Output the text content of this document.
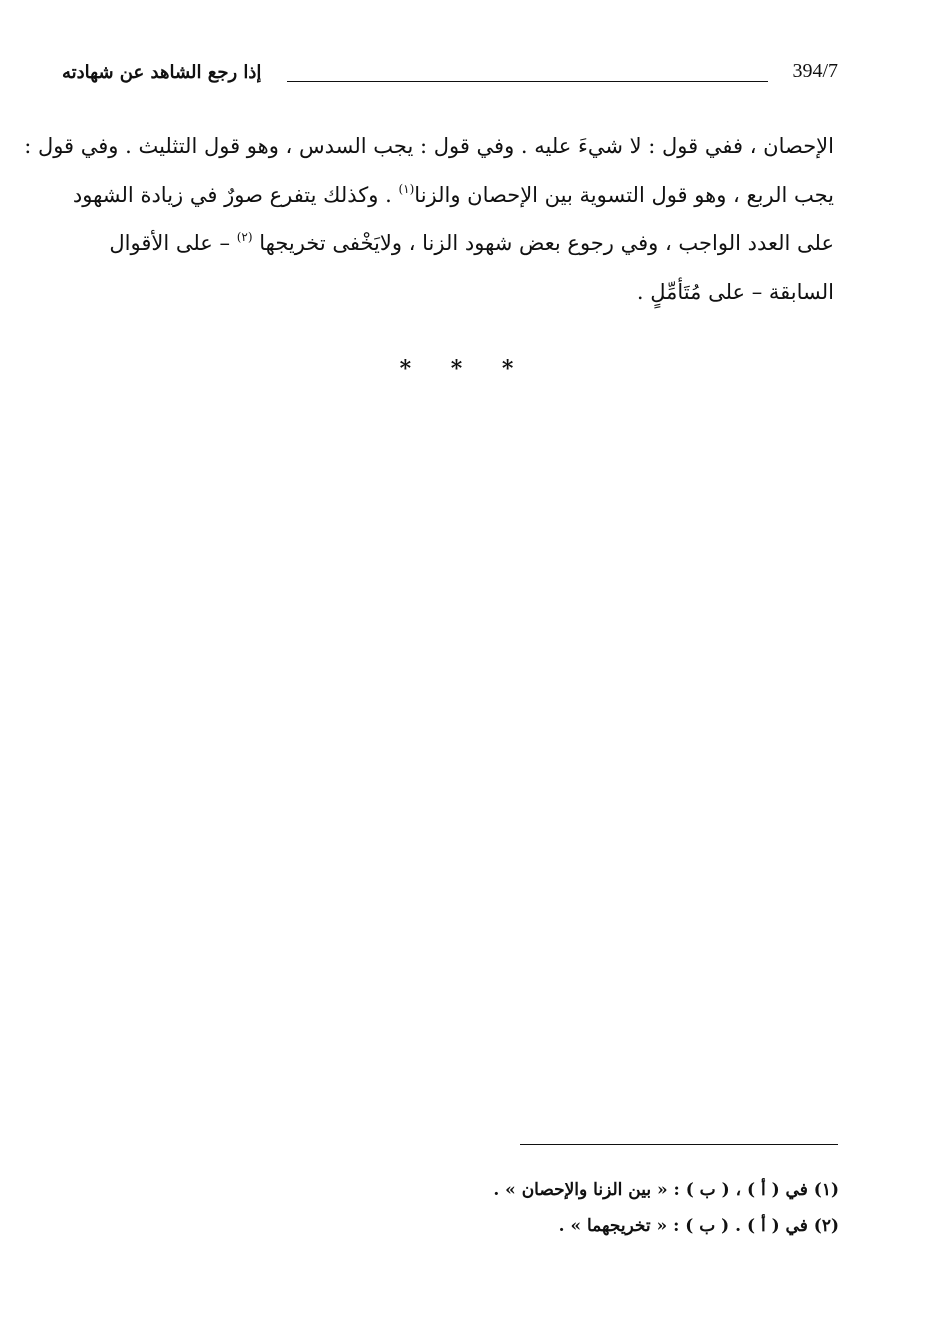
394/7
إذا رجع الشاهد عن شهادته
الإحصان ، ففي قول : لا شيءَ عليه . وفي قول : يجب السدس ، وهو قول التثليث . وفي قول :
يجب الربع ، وهو قول التسوية بين الإحصان والزنا$^{(١)}$ . وكذلك يتفرع صورٌ في زيادة الشهود
على العدد الواجب ، وفي رجوع بعض شهود الزنا ، ولايَخْفى تخريجها $^{(٢)}$ – على الأقوال
السابقة – على مُتَأمِّلٍ .
* * *
(١) في ( أ ) ، ( ب ) : « بين الزنا والإحصان » .
(٢) في ( أ ) . ( ب ) : « تخريجهما » .
